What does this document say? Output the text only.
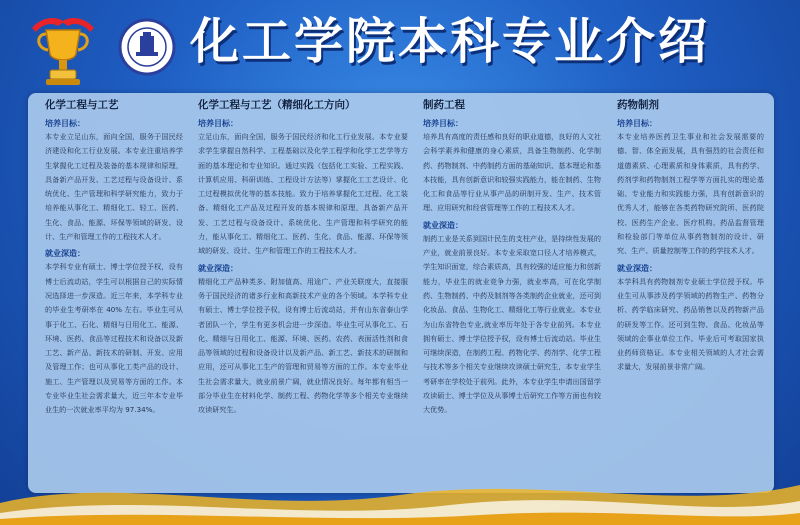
化工学院本科专业介绍
化学工程与工艺
培养目标：

本专业立足山东，面向全国，服务于国民经济建设和化工行业发展。本专业注重培养学生掌握化工过程及装备的基本规律和原理，具备新产品开发、工艺过程与设备设计、系统优化、生产管理和科学研究能力，致力于培养能从事化工、精细化工、轻工、医药、生化、食品、能源、环保等领域的研发、设计、生产和管理工作的工程技术人才。

就业深造：

本学科专业有硕士、博士学位授予权，设有博士后流动站，学生可以根据自己的实际情况选择进一步深造。近三年来，本学科专业的毕业生考研率在 40% 左右。毕业生可从事于化工、石化、精细与日用化工、能源、环境、医药、食品等过程技术和设备以及新工艺、新产品、新技术的研制、开发、应用及管理工作；也可从事化工类产品的设计、施工、生产管理以及贸易等方面的工作。本专业毕业生社会需求量大，近三年本专业毕业生的一次就业率平均为 97.34%。

化学工程与工艺（精细化工方向）
培养目标：

立足山东，面向全国，服务于国民经济和化工行业发展。本专业要求学生掌握自然科学、工程基础以及化学工程学和化学工艺学等方面的基本理论和专业知识。通过实践（包括化工实验、工程实践、计算机应用、科研训练、工程设计方法等）掌握化工工艺设计、化工过程模拟优化等的基本技能。致力于培养掌握化工过程、化工装备、精细化工产品及过程开发的基本规律和原理，具备新产品开发、工艺过程与设备设计、系统优化、生产管理和科学研究的能力，能从事化工、精细化工、医药、生化、食品、能源、环保等领域的研发、设计、生产和管理工作的工程技术人才。

就业深造：

精细化工产品种类多、附加值高、用途广、产业关联度大，直接服务于国民经济的诸多行业和高新技术产业的各个领域。本学科专业有硕士、博士学位授予权，设有博士后流动站，并有山东省泰山学者团队一个，学生有更多机会进一步深造。毕业生可从事化工、石化、精细与日用化工、能源、环境、医药、农药、表面活性剂和食品等领域的过程和设备设计以及新产品、新工艺、新技术的研制和应用，还可从事化工生产的管理和贸易等方面的工作。本专业毕业生社会需求量大，就业前景广阔，就业情况良好。每年都有相当一部分毕业生在材料化学、制药工程、药物化学等多个相关专业继续攻读研究生。

制药工程
培养目标：

培养具有高度的责任感和良好的职业道德，良好的人文社会科学素养和健康的身心素质，具备生物制药、化学制药、药物制剂、中药制药方面的基础知识、基本理论和基本技能，具有创新意识和较强实践能力，能在制药、生物化工和食品等行业从事产品的研制开发、生产、技术管理、应用研究和经营管理等工作的工程技术人才。

就业深造：

制药工业是关系到国计民生的支柱产业，是持续性发展的产业，就业前景良好。本专业采取宽口径人才培养模式，学生知识面宽，综合素质高，具有较强的适应能力和创新能力，毕业生的就业竞争力强，就业率高，可在化学制药、生物制药、中药及制剂等各类制药企业就业，还可到化妆品、食品、生物化工、精细化工等行业就业。本专业为山东省特色专业,就业率历年处于各专业前列。本专业拥有硕士、博士学位授予权，设有博士后流动站。毕业生可继续深造，在制药工程、药物化学、药剂学、化学工程与技术等多个相关专业继续攻读硕士研究生，本专业学生考研率在学校处于前列。此外，本专业学生申请出国留学攻读硕士、博士学位及从事博士后研究工作等方面也有较大优势。

药物制剂
培养目标：

本专业培养医药卫生事业和社会发展需要的德、智、体全面发展，具有强烈的社会责任和道德素质、心理素质和身体素质，具有药学、药剂学和药物制剂工程学等方面扎实的理论基础、专业能力和实践能力强，具有创新意识的优秀人才，能够在各类药物研究院所、医药院校、医药生产企业、医疗机构、药品监督管理和检验部门等单位从事药物制剂的设计、研究、生产、质量控制等工作的药学技术人才。

就业深造：

本学科具有药物制剂专业硕士学位授予权。毕业生可从事涉及药学领域的药物生产、药物分析、药学临床研究、药品销售以及药物新产品的研发等工作。还可到生物、食品、化妆品等领域的企事业单位工作。毕业后可考取国家执业药师资格证。本专业相关领域的人才社会需求量大，发展前景非常广阔。
